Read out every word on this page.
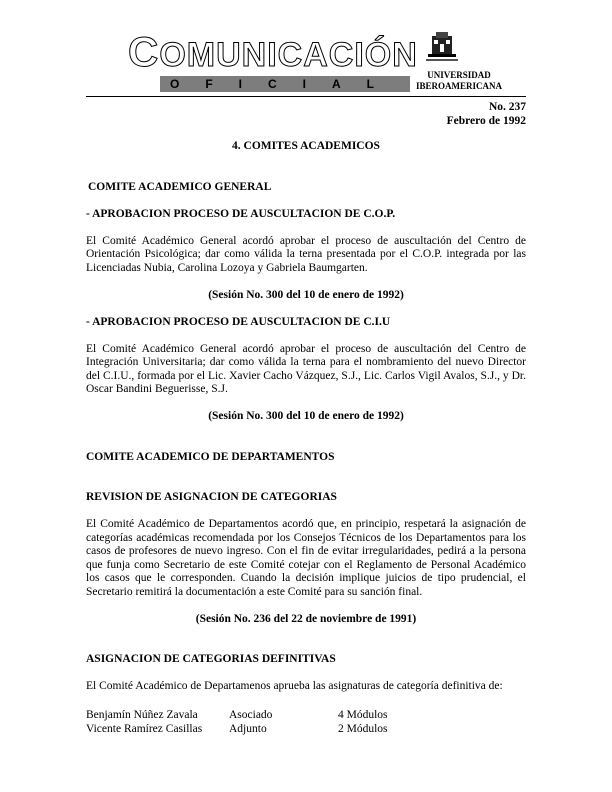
COMUNICACIÓN
OFICIAL
UNIVERSIDAD
IBEROAMERICANA
No. 237
Febrero de 1992

4. COMITES ACADEMICOS

COMITE ACADEMICO GENERAL

- APROBACION PROCESO DE AUSCULTACION DE C.O.P.

El Comité Académico General acordó aprobar el proceso de auscultación del Centro de Orientación Psicológica; dar como válida la terna presentada por el C.O.P. integrada por las Licenciadas Nubia, Carolina Lozoya y Gabriela Baumgarten.

(Sesión No. 300 del 10 de enero de 1992)

- APROBACION PROCESO DE AUSCULTACION DE C.I.U

El Comité Académico General acordó aprobar el proceso de auscultación del Centro de Integración Universitaria; dar como válida la terna para el nombramiento del nuevo Director del C.I.U., formada por el Lic. Xavier Cacho Vázquez, S.J., Lic. Carlos Vigil Avalos, S.J., y Dr. Oscar Bandini Beguerisse, S.J.

(Sesión No. 300 del 10 de enero de 1992)

COMITE ACADEMICO DE DEPARTAMENTOS

REVISION DE ASIGNACION DE CATEGORIAS

El Comité Académico de Departamentos acordó que, en principio, respetará la asignación de categorías académicas recomendada por los Consejos Técnicos de los Departamentos para los casos de profesores de nuevo ingreso. Con el fin de evitar irregularidades, pedirá a la persona que funja como Secretario de este Comité cotejar con el Reglamento de Personal Académico los casos que le corresponden. Cuando la decisión implique juicios de tipo prudencial, el Secretario remitirá la documentación a este Comité para su sanción final.

(Sesión No. 236 del 22 de noviembre de 1991)

ASIGNACION DE CATEGORIAS DEFINITIVAS

El Comité Académico de Departamenos aprueba las asignaturas de categoría definitiva de:

Benjamín Núñez Zavala	Asociado	4 Módulos
Vicente Ramírez Casillas Adjunto	2 Módulos
